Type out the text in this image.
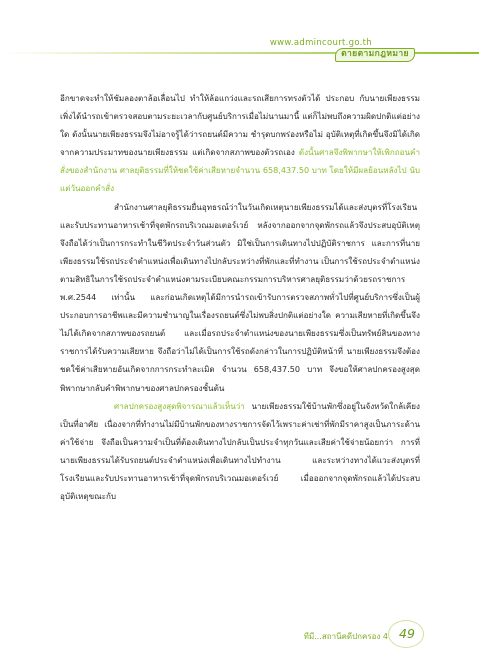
www.admincourt.go.th
ตายตามกฎหมาย

อีกขาดจะทำให้ชัมลองตาล้อเลื่อนไป ทำให้ล้อแกว่งและรถเสียการทรงตัวได้ ประกอบ กับนายเพียงธรรมเพิ่งได้นำรถเข้าตรวจสอบตามระยะเวลากับศูนย์บริการเมื่อไม่นานมานี้ แต่ก็ไม่พบถึงความผิดปกติแต่อย่างใด ดังนั้นนายเพียงธรรมจึงไม่อาจรู้ได้ว่ารถยนต์มีความ ชำรุดบกพร่องหรือไม่ อุบัติเหตุที่เกิดขึ้นจึงมิได้เกิดจากความประมาทของนายเพียงธรรม แต่เกิดจากสภาพของตัวรถเอง ดังนั้นศาลจึงพิพากษาให้เพิกถอนคำสั่งของสำนักงาน ศาลยุติธรรมที่ให้ชดใช้ค่าเสียหายจำนวน 658,437.50 บาท โดยให้มีผลย้อนหลังไป นับแต่วันออกคำสั่ง

สำนักงานศาลยุติธรรมยื่นอุทธรณ์ว่าในวันเกิดเหตุนายเพียงธรรมได้และส่งบุตรที่โรงเรียนและรับประทานอาหารเช้าที่จุดพักรถบริเวณมอเตอร์เวย์ หลังจากออกจากจุดพักรถแล้วจึงประสบอุบัติเหตุ จึงถือได้ว่าเป็นการกระทำในชีวิตประจำวันส่วนตัว มิใช่เป็นการเดินทางไปปฏิบัติราชการ และการที่นายเพียงธรรมใช้รถประจำตำแหน่งเพื่อเดินทางไปกลับระหว่างที่พักและที่ทำงาน เป็นการใช้รถประจำตำแหน่งตามสิทธิในการใช้รถประจำตำแหน่งตามระเบียบคณะกรรมการบริหารศาลยุติธรรมว่าด้วยรถราชการ พ.ศ.2544 เท่านั้น และก่อนเกิดเหตุได้มีการนำรถเข้ารับการตรวจสภาพทั่วไปที่ศูนย์บริการซึ่งเป็นผู้ประกอบการอาชีพและมีความชำนาญในเรื่องรถยนต์ซึ่งไม่พบสิ่งปกติแต่อย่างใด ความเสียหายที่เกิดขึ้นจึงไม่ได้เกิดจากสภาพของรถยนต์ และเมื่อรถประจำตำแหน่งของนายเพียงธรรมซึ่งเป็นทรัพย์สินของทางราชการได้รับความเสียหาย จึงถือว่าไม่ได้เป็นการใช้รถดังกล่าวในการปฏิบัติหน้าที่ นายเพียงธรรมจึงต้องชดใช้ค่าเสียหายอันเกิดจากการกระทำละเมิด จำนวน 658,437.50 บาท จึงขอให้ศาลปกครองสูงสุดพิพากษากลับคำพิพากษาของศาลปกครองชั้นต้น

ศาลปกครองสูงสุดพิจารณาแล้วเห็นว่า นายเพียงธรรมใช้บ้านพักซึ่งอยู่ในจังหวัดใกล้เคียงเป็นที่อาศัย เนื่องจากที่ทำงานไม่มีบ้านพักของทางราชการจัดไว้เพราะค่าเช่าที่พักมีราคาสูงเป็นภาระด้านค่าใช้จ่าย จึงถือเป็นความจำเป็นที่ต้องเดินทางไปกลับเป็นประจำทุกวันและเสียค่าใช้จ่ายน้อยกว่า การที่นายเพียงธรรมได้รับรถยนต์ประจำตำแหน่งเพื่อเดินทางไปทำงาน และระหว่างทางได้แวะส่งบุตรที่โรงเรียนและรับประทานอาหารเช้าที่จุดพักรถบริเวณมอเตอร์เวย์ เมื่อออกจากจุดพักรถแล้วได้ประสบอุบัติเหตุขณะกับ

ทีมี...สถานีคดีปกครอง 4 49
